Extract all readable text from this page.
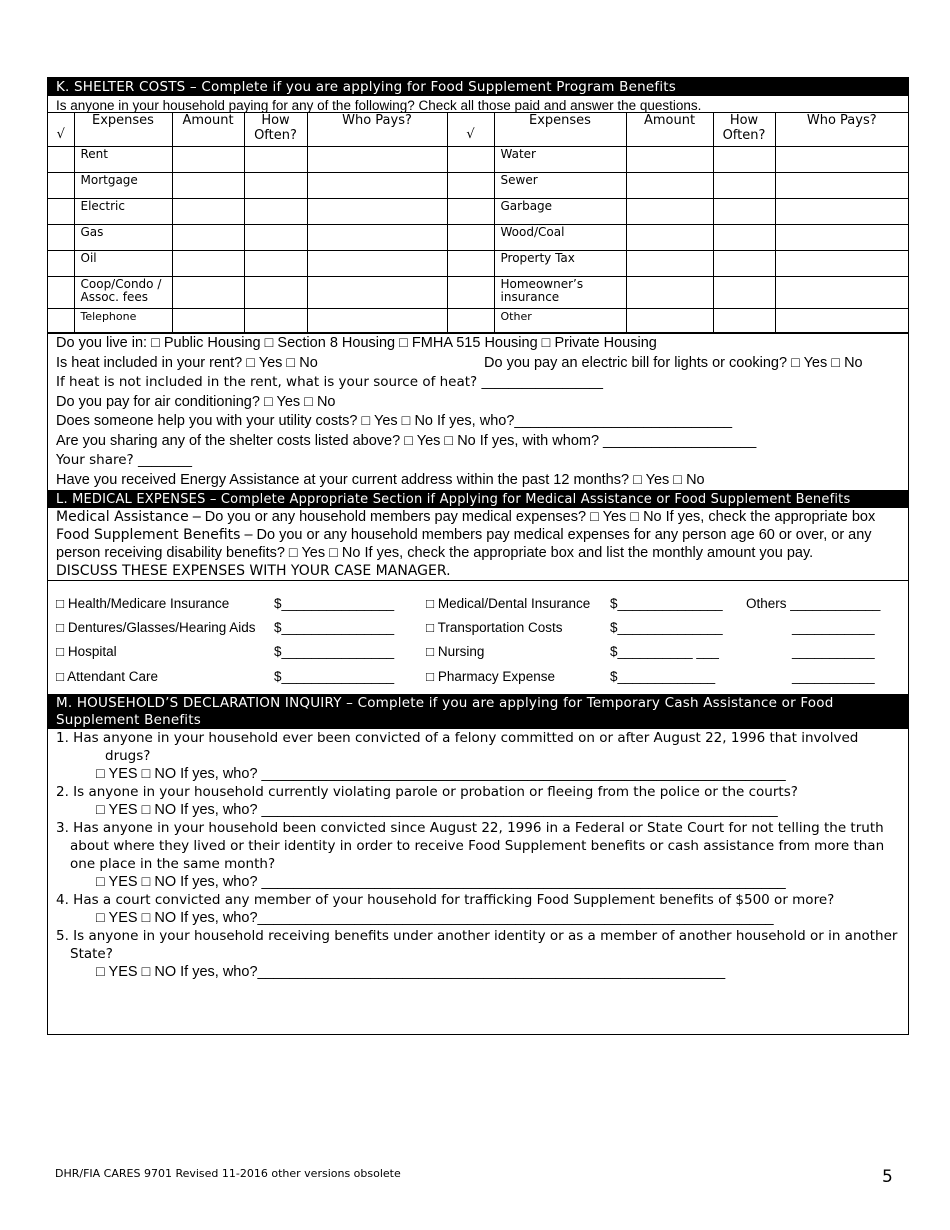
K. SHELTER COSTS – Complete if you are applying for Food Supplement Program Benefits
Is anyone in your household paying for any of the following? Check all those paid and answer the questions.
√	Expenses	Amount	How Often?	Who Pays?	√	Expenses	Amount	How Often?	Who Pays?
	Rent					Water			
	Mortgage					Sewer			
	Electric					Garbage			
	Gas					Wood/Coal			
	Oil					Property Tax			
	Coop/Condo / Assoc. fees					Homeowner’s insurance			
	Telephone					Other			
Do you live in: □ Public Housing □ Section 8 Housing □ FMHA 515 Housing □ Private Housing
Is heat included in your rent? □ Yes □ No	Do you pay an electric bill for lights or cooking? □ Yes □ No
If heat is not included in the rent, what is your source of heat? __________________
Do you pay for air conditioning? □ Yes □ No
Does someone help you with your utility costs? □ Yes □ No If yes, who?___________________________
Are you sharing any of the shelter costs listed above? □ Yes □ No If yes, with whom? ___________________
Your share? ________
Have you received Energy Assistance at your current address within the past 12 months? □ Yes □ No
L. MEDICAL EXPENSES – Complete Appropriate Section if Applying for Medical Assistance or Food Supplement Benefits
Medical Assistance – Do you or any household members pay medical expenses? □ Yes □ No If yes, check the appropriate box
Food Supplement Benefits – Do you or any household members pay medical expenses for any person age 60 or over, or any person receiving disability benefits? □ Yes □ No If yes, check the appropriate box and list the monthly amount you pay.
DISCUSS THESE EXPENSES WITH YOUR CASE MANAGER.
□ Health/Medicare Insurance	$_______________ □ Medical/Dental Insurance $______________ Others ____________
□ Dentures/Glasses/Hearing Aids $_______________ □ Transportation Costs	$______________	___________
□ Hospital	$_______________ □ Nursing	$__________ ___	___________
□ Attendant Care	$_______________ □ Pharmacy Expense	$_____________	___________
M. HOUSEHOLD’S DECLARATION INQUIRY – Complete if you are applying for Temporary Cash Assistance or Food Supplement Benefits
1. Has anyone in your household ever been convicted of a felony committed on or after August 22, 1996 that involved
drugs?
□ YES □ NO If yes, who? _________________________________________________________________
2. Is anyone in your household currently violating parole or probation or fleeing from the police or the courts?
□ YES □ NO If yes, who? ________________________________________________________________
3. Has anyone in your household been convicted since August 22, 1996 in a Federal or State Court for not telling the truth about where they lived or their identity in order to receive Food Supplement benefits or cash assistance from more than one place in the same month?
□ YES □ NO If yes, who? _________________________________________________________________
4. Has a court convicted any member of your household for trafficking Food Supplement benefits of $500 or more?
□ YES □ NO If yes, who?________________________________________________________________
5. Is anyone in your household receiving benefits under another identity or as a member of another household or in another State?
□ YES □ NO If yes, who?__________________________________________________________
DHR/FIA CARES 9701 Revised 11-2016 other versions obsolete	5
